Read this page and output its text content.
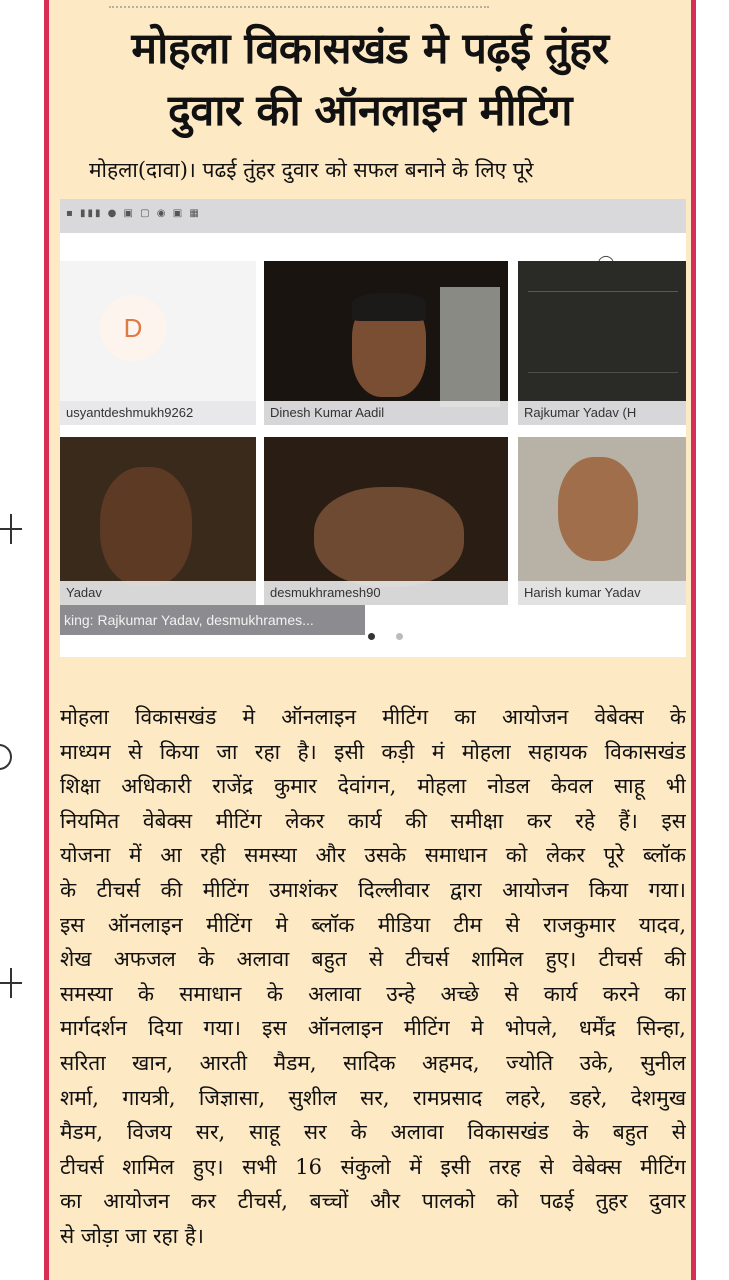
मोहला विकासखंड मे पढ़ई तुंहर
दुवार की ऑनलाइन मीटिंग
मोहला(दावा)। पढई तुंहर दुवार को सफल बनाने के लिए पूरे
▪ ▮▮▮ ● ▣ ▢ ◉ ▣ ▦
D
usyantdeshmukh9262	Dinesh Kumar Aadil	Rajkumar Yadav (H
Yadav	desmukhramesh90	Harish kumar Yadav
king: Rajkumar Yadav, desmukhrames...
मोहला विकासखंड मे ऑनलाइन मीटिंग का आयोजन वेबेक्स के
माध्यम से किया जा रहा है। इसी कड़ी मं मोहला सहायक विकासखंड
शिक्षा अधिकारी राजेंद्र कुमार देवांगन, मोहला नोडल केवल साहू भी
नियमित वेबेक्स मीटिंग लेकर कार्य की समीक्षा कर रहे हैं। इस
योजना में आ रही समस्या और उसके समाधान को लेकर पूरे ब्लॉक
के टीचर्स की मीटिंग उमाशंकर दिल्लीवार द्वारा आयोजन किया गया।
इस ऑनलाइन मीटिंग मे ब्लॉक मीडिया टीम से राजकुमार यादव,
शेख अफजल के अलावा बहुत से टीचर्स शामिल हुए। टीचर्स की
समस्या के समाधान के अलावा उन्हे अच्छे से कार्य करने का
मार्गदर्शन दिया गया। इस ऑनलाइन मीटिंग मे भोपले, धर्मेंद्र सिन्हा,
सरिता खान, आरती मैडम, सादिक अहमद, ज्योति उके, सुनील
शर्मा, गायत्री, जिज्ञासा, सुशील सर, रामप्रसाद लहरे, डहरे, देशमुख
मैडम, विजय सर, साहू सर के अलावा विकासखंड के बहुत से
टीचर्स शामिल हुए। सभी 16 संकुलो में इसी तरह से वेबेक्स मीटिंग
का आयोजन कर टीचर्स, बच्चों और पालको को पढई तुहर दुवार
से जोड़ा जा रहा है।
